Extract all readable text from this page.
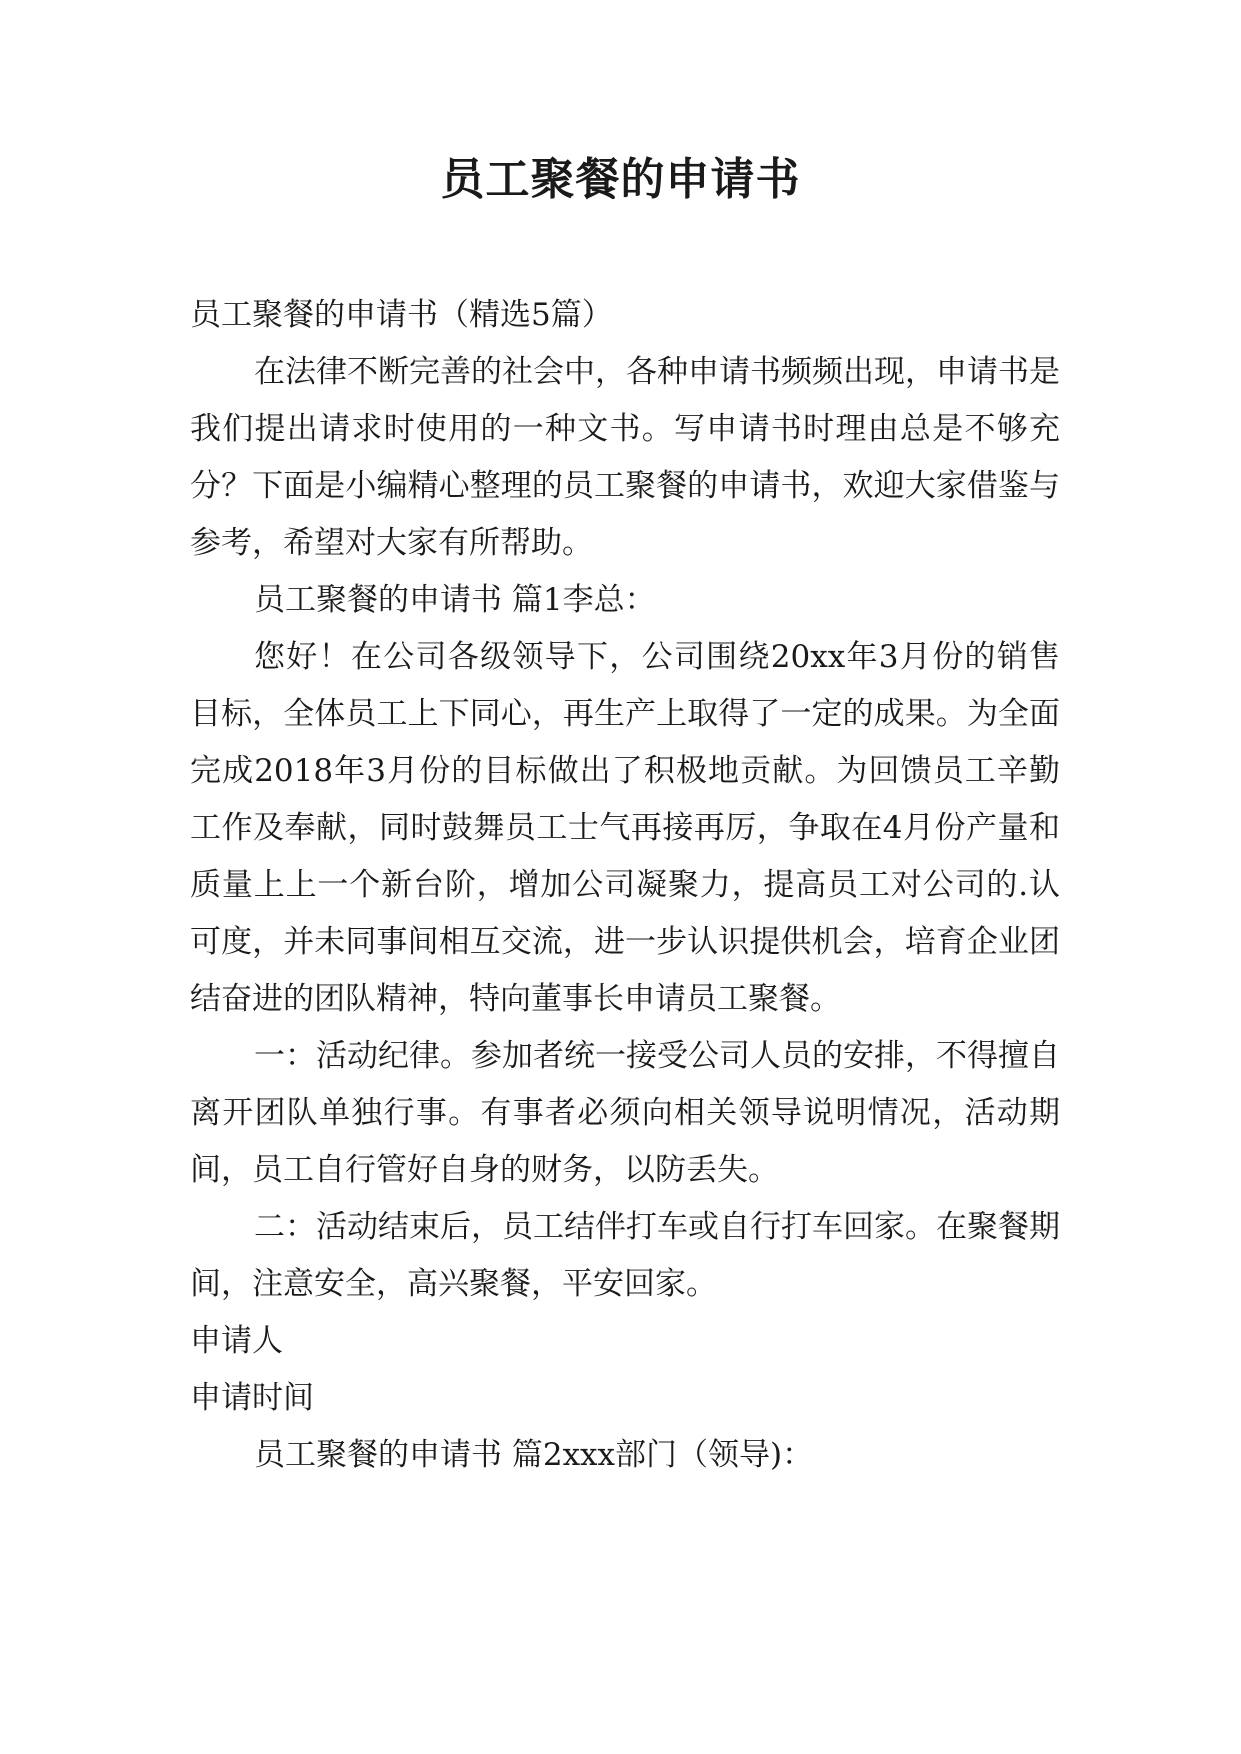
员工聚餐的申请书

员工聚餐的申请书（精选5篇）

在法律不断完善的社会中，各种申请书频频出现，申请书是我们提出请求时使用的一种文书。写申请书时理由总是不够充分？下面是小编精心整理的员工聚餐的申请书，欢迎大家借鉴与参考，希望对大家有所帮助。

员工聚餐的申请书 篇1李总：

您好！在公司各级领导下，公司围绕20xx年3月份的销售目标，全体员工上下同心，再生产上取得了一定的成果。为全面完成2018年3月份的目标做出了积极地贡献。为回馈员工辛勤工作及奉献，同时鼓舞员工士气再接再厉，争取在4月份产量和质量上上一个新台阶，增加公司凝聚力，提高员工对公司的.认可度，并未同事间相互交流，进一步认识提供机会，培育企业团结奋进的团队精神，特向董事长申请员工聚餐。

一：活动纪律。参加者统一接受公司人员的安排，不得擅自离开团队单独行事。有事者必须向相关领导说明情况，活动期间，员工自行管好自身的财务，以防丢失。

二：活动结束后，员工结伴打车或自行打车回家。在聚餐期间，注意安全，高兴聚餐，平安回家。

申请人

申请时间

员工聚餐的申请书 篇2xxx部门（领导)：
